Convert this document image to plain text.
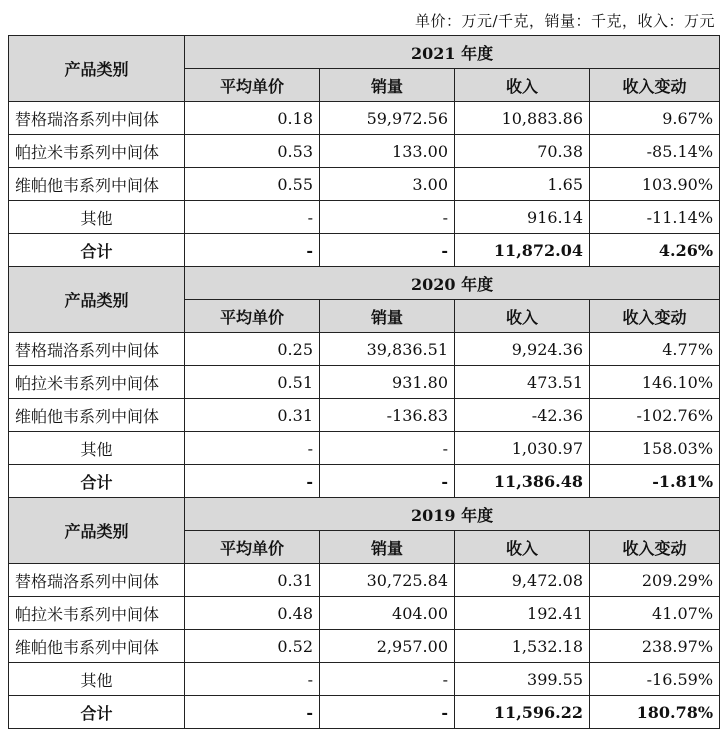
单价：万元/千克，销量：千克，收入：万元
产品类别	2021 年度			
	平均单价	销量	收入	收入变动
替格瑞洛系列中间体	0.18	59,972.56	10,883.86	9.67%
帕拉米韦系列中间体	0.53	133.00	70.38	-85.14%
维帕他韦系列中间体	0.55	3.00	1.65	103.90%
其他	-	-	916.14	-11.14%
合计	-	-	11,872.04	4.26%
产品类别	2020 年度			
	平均单价	销量	收入	收入变动
替格瑞洛系列中间体	0.25	39,836.51	9,924.36	4.77%
帕拉米韦系列中间体	0.51	931.80	473.51	146.10%
维帕他韦系列中间体	0.31	-136.83	-42.36	-102.76%
其他	-	-	1,030.97	158.03%
合计	-	-	11,386.48	-1.81%
产品类别	2019 年度			
	平均单价	销量	收入	收入变动
替格瑞洛系列中间体	0.31	30,725.84	9,472.08	209.29%
帕拉米韦系列中间体	0.48	404.00	192.41	41.07%
维帕他韦系列中间体	0.52	2,957.00	1,532.18	238.97%
其他	-	-	399.55	-16.59%
合计	-	-	11,596.22	180.78%
